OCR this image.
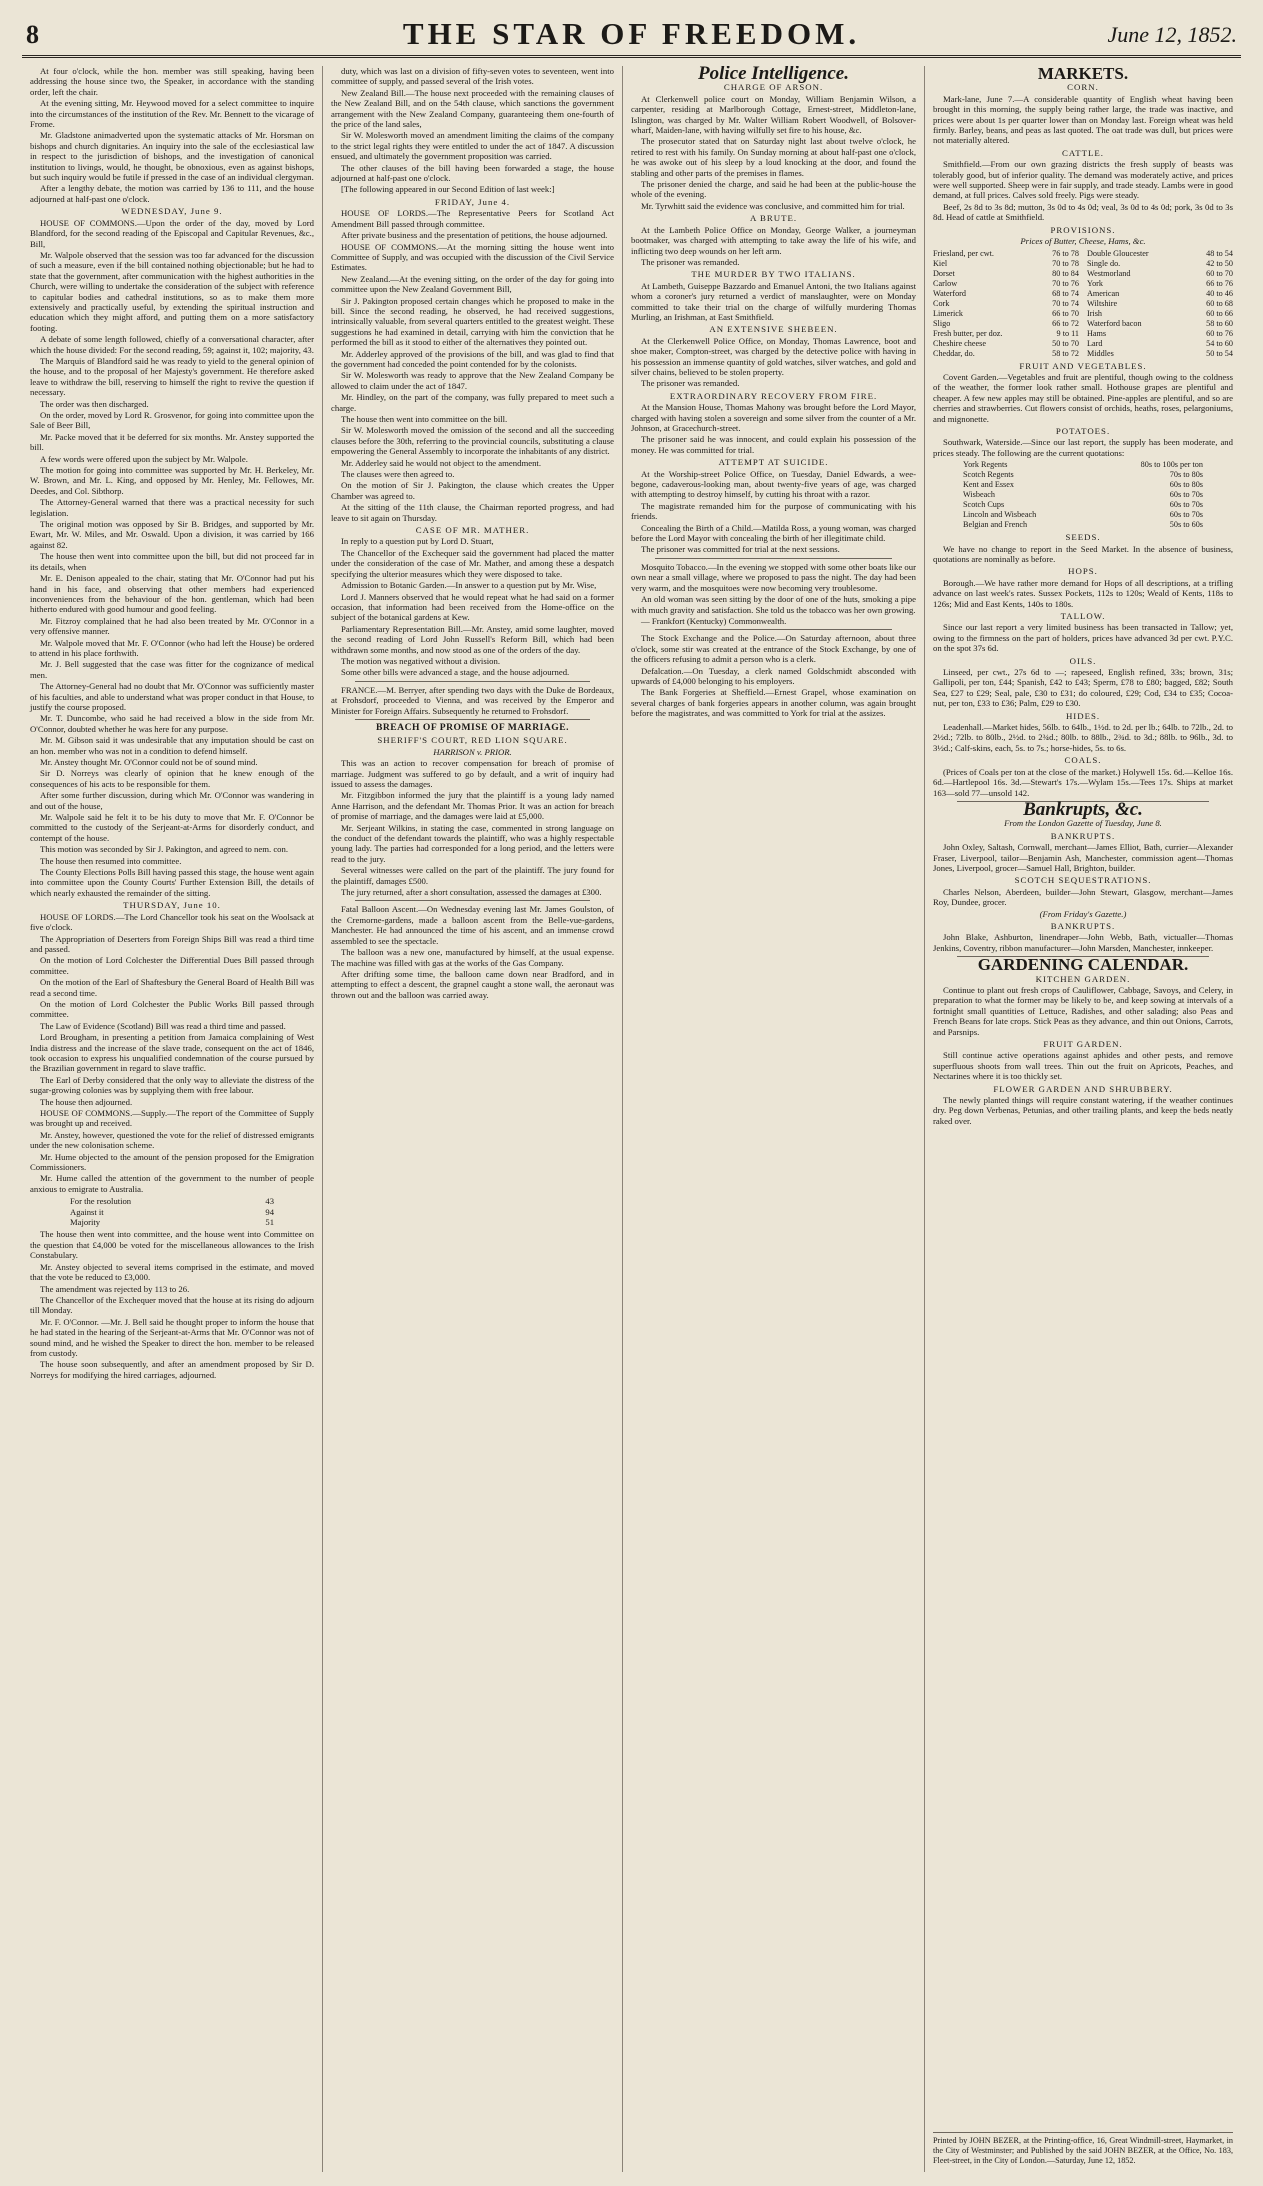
8	THE STAR OF FREEDOM.	June 12, 1852.

At four o'clock, while the hon. member was still speaking, having been addressing the house since two, the Speaker, in accordance with the standing order, left the chair.

At the evening sitting, Mr. Heywood moved for a select committee to inquire into the circumstances of the institution of the Rev. Mr. Bennett to the vicarage of Frome.

Mr. Gladstone animadverted upon the systematic attacks of Mr. Horsman on bishops and church dignitaries. An inquiry into the sale of the ecclesiastical law in respect to the jurisdiction of bishops, and the investigation of canonical institution to livings, would, he thought, be obnoxious, even as against bishops, but such inquiry would be futile if pressed in the case of an individual clergyman.

After a lengthy debate, the motion was carried by 136 to 111, and the house adjourned at half-past one o'clock.

WEDNESDAY, June 9.

HOUSE OF COMMONS.—Upon the order of the day, moved by Lord Blandford, for the second reading of the Episcopal and Capitular Revenues, &c., Bill,

Mr. Walpole observed that the session was too far advanced for the discussion of such a measure, even if the bill contained nothing objectionable; but he had to state that the government, after communication with the highest authorities in the Church, were willing to undertake the consideration of the subject with reference to capitular bodies and cathedral institutions, so as to make them more extensively and practically useful, by extending the spiritual instruction and education which they might afford, and putting them on a more satisfactory footing.

A debate of some length followed, chiefly of a conversational character, after which the house divided: For the second reading, 59; against it, 102; majority, 43.

The Marquis of Blandford said he was ready to yield to the general opinion of the house, and to the proposal of her Majesty's government. He therefore asked leave to withdraw the bill, reserving to himself the right to revive the question if necessary.

The order was then discharged.

On the order, moved by Lord R. Grosvenor, for going into committee upon the Sale of Beer Bill,

Mr. Packe moved that it be deferred for six months. Mr. Anstey supported the bill.

A few words were offered upon the subject by Mr. Walpole.

The motion for going into committee was supported by Mr. H. Berkeley, Mr. W. Brown, and Mr. L. King, and opposed by Mr. Henley, Mr. Fellowes, Mr. Deedes, and Col. Sibthorp.

The Attorney-General warned that there was a practical necessity for such legislation.

The original motion was opposed by Sir B. Bridges, and supported by Mr. Ewart, Mr. W. Miles, and Mr. Oswald. Upon a division, it was carried by 166 against 82.

The house then went into committee upon the bill, but did not proceed far in its details, when

Mr. E. Denison appealed to the chair, stating that Mr. O'Connor had put his hand in his face, and observing that other members had experienced inconveniences from the behaviour of the hon. gentleman, which had been hitherto endured with good humour and good feeling.

Mr. Fitzroy complained that he had also been treated by Mr. O'Connor in a very offensive manner.

Mr. Walpole moved that Mr. F. O'Connor (who had left the House) be ordered to attend in his place forthwith.

Mr. J. Bell suggested that the case was fitter for the cognizance of medical men.

The Attorney-General had no doubt that Mr. O'Connor was sufficiently master of his faculties, and able to understand what was proper conduct in that House, to justify the course proposed.

Mr. T. Duncombe, who said he had received a blow in the side from Mr. O'Connor, doubted whether he was here for any purpose.

Mr. M. Gibson said it was undesirable that any imputation should be cast on an hon. member who was not in a condition to defend himself.

Mr. Anstey thought Mr. O'Connor could not be of sound mind.

Sir D. Norreys was clearly of opinion that he knew enough of the consequences of his acts to be responsible for them.

After some further discussion, during which Mr. O'Connor was wandering in and out of the house,

Mr. Walpole said he felt it to be his duty to move that Mr. F. O'Connor be committed to the custody of the Serjeant-at-Arms for disorderly conduct, and contempt of the house.

This motion was seconded by Sir J. Pakington, and agreed to nem. con.

The house then resumed into committee.

The County Elections Polls Bill having passed this stage, the house went again into committee upon the County Courts' Further Extension Bill, the details of which nearly exhausted the remainder of the sitting.

THURSDAY, June 10.

HOUSE OF LORDS.—The Lord Chancellor took his seat on the Woolsack at five o'clock.

The Appropriation of Deserters from Foreign Ships Bill was read a third time and passed.

On the motion of Lord Colchester the Differential Dues Bill passed through committee.

On the motion of the Earl of Shaftesbury the General Board of Health Bill was read a second time.

On the motion of Lord Colchester the Public Works Bill passed through committee.

The Law of Evidence (Scotland) Bill was read a third time and passed.

Lord Brougham, in presenting a petition from Jamaica complaining of West India distress and the increase of the slave trade, consequent on the act of 1846, took occasion to express his unqualified condemnation of the course pursued by the Brazilian government in regard to slave traffic.

The Earl of Derby considered that the only way to alleviate the distress of the sugar-growing colonies was by supplying them with free labour.

The house then adjourned.

HOUSE OF COMMONS.—Supply.—The report of the Committee of Supply was brought up and received.

Mr. Anstey, however, questioned the vote for the relief of distressed emigrants under the new colonisation scheme.

Mr. Hume objected to the amount of the pension proposed for the Emigration Commissioners.

Mr. Hume called the attention of the government to the number of people anxious to emigrate to Australia.

For the resolution	43
Against it	94
Majority	51

The house then went into committee, and the house went into Committee on the question that £4,000 be voted for the miscellaneous allowances to the Irish Constabulary.

Mr. Anstey objected to several items comprised in the estimate, and moved that the vote be reduced to £3,000.

The amendment was rejected by 113 to 26.

The Chancellor of the Exchequer moved that the house at its rising do adjourn till Monday.

Mr. F. O'Connor. —Mr. J. Bell said he thought proper to inform the house that he had stated in the hearing of the Serjeant-at-Arms that Mr. O'Connor was not of sound mind, and he wished the Speaker to direct the hon. member to be released from custody.

The house soon subsequently, and after an amendment proposed by Sir D. Norreys for modifying the hired carriages, adjourned.

duty, which was last on a division of fifty-seven votes to seventeen, went into committee of supply, and passed several of the Irish votes.

New Zealand Bill.—The house next proceeded with the remaining clauses of the New Zealand Bill, and on the 54th clause, which sanctions the government arrangement with the New Zealand Company, guaranteeing them one-fourth of the price of the land sales,

Sir W. Molesworth moved an amendment limiting the claims of the company to the strict legal rights they were entitled to under the act of 1847. A discussion ensued, and ultimately the government proposition was carried.

The other clauses of the bill having been forwarded a stage, the house adjourned at half-past one o'clock.

[The following appeared in our Second Edition of last week:]

FRIDAY, June 4.

HOUSE OF LORDS.—The Representative Peers for Scotland Act Amendment Bill passed through committee.

After private business and the presentation of petitions, the house adjourned.

HOUSE OF COMMONS.—At the morning sitting the house went into Committee of Supply, and was occupied with the discussion of the Civil Service Estimates.

New Zealand.—At the evening sitting, on the order of the day for going into committee upon the New Zealand Government Bill,

Sir J. Pakington proposed certain changes which he proposed to make in the bill. Since the second reading, he observed, he had received suggestions, intrinsically valuable, from several quarters entitled to the greatest weight. These suggestions he had examined in detail, carrying with him the conviction that he performed the bill as it stood to either of the alternatives they pointed out.

Mr. Adderley approved of the provisions of the bill, and was glad to find that the government had conceded the point contended for by the colonists.

Sir W. Molesworth was ready to approve that the New Zealand Company be allowed to claim under the act of 1847.

Mr. Hindley, on the part of the company, was fully prepared to meet such a charge.

The house then went into committee on the bill.

Sir W. Molesworth moved the omission of the second and all the succeeding clauses before the 30th, referring to the provincial councils, substituting a clause empowering the General Assembly to incorporate the inhabitants of any district.

Mr. Adderley said he would not object to the amendment.

The clauses were then agreed to.

On the motion of Sir J. Pakington, the clause which creates the Upper Chamber was agreed to.

At the sitting of the 11th clause, the Chairman reported progress, and had leave to sit again on Thursday.

CASE OF MR. MATHER.

In reply to a question put by Lord D. Stuart,

The Chancellor of the Exchequer said the government had placed the matter under the consideration of the case of Mr. Mather, and among these a despatch specifying the ulterior measures which they were disposed to take.

Admission to Botanic Garden.—In answer to a question put by Mr. Wise,

Lord J. Manners observed that he would repeat what he had said on a former occasion, that information had been received from the Home-office on the subject of the botanical gardens at Kew.

Parliamentary Representation Bill.—Mr. Anstey, amid some laughter, moved the second reading of Lord John Russell's Reform Bill, which had been withdrawn some months, and now stood as one of the orders of the day.

The motion was negatived without a division.

Some other bills were advanced a stage, and the house adjourned.

FRANCE.—M. Berryer, after spending two days with the Duke de Bordeaux, at Frohsdorf, proceeded to Vienna, and was received by the Emperor and Minister for Foreign Affairs. Subsequently he returned to Frohsdorf.

BREACH OF PROMISE OF MARRIAGE.
SHERIFF'S COURT, RED LION SQUARE.
HARRISON v. PRIOR.

This was an action to recover compensation for breach of promise of marriage. Judgment was suffered to go by default, and a writ of inquiry had issued to assess the damages.

Mr. Fitzgibbon informed the jury that the plaintiff is a young lady named Anne Harrison, and the defendant Mr. Thomas Prior. It was an action for breach of promise of marriage, and the damages were laid at £5,000.

Mr. Serjeant Wilkins, in stating the case, commented in strong language on the conduct of the defendant towards the plaintiff, who was a highly respectable young lady. The parties had corresponded for a long period, and the letters were read to the jury.

Several witnesses were called on the part of the plaintiff. The jury found for the plaintiff, damages £500.

The jury returned, after a short consultation, assessed the damages at £300.

Fatal Balloon Ascent.—On Wednesday evening last Mr. James Goulston, of the Cremorne-gardens, made a balloon ascent from the Belle-vue-gardens, Manchester. He had announced the time of his ascent, and an immense crowd assembled to see the spectacle.

The balloon was a new one, manufactured by himself, at the usual expense. The machine was filled with gas at the works of the Gas Company.

After drifting some time, the balloon came down near Bradford, and in attempting to effect a descent, the grapnel caught a stone wall, the aeronaut was thrown out and the balloon was carried away.

Police Intelligence.
CHARGE OF ARSON.

At Clerkenwell police court on Monday, William Benjamin Wilson, a carpenter, residing at Marlborough Cottage, Ernest-street, Middleton-lane, Islington, was charged by Mr. Walter William Robert Woodwell, of Bolsover-wharf, Maiden-lane, with having wilfully set fire to his house, &c.

The prosecutor stated that on Saturday night last about twelve o'clock, he retired to rest with his family. On Sunday morning at about half-past one o'clock, he was awoke out of his sleep by a loud knocking at the door, and found the stabling and other parts of the premises in flames.

The prisoner denied the charge, and said he had been at the public-house the whole of the evening.

Mr. Tyrwhitt said the evidence was conclusive, and committed him for trial.

A BRUTE.

At the Lambeth Police Office on Monday, George Walker, a journeyman bootmaker, was charged with attempting to take away the life of his wife, and inflicting two deep wounds on her left arm.

The prisoner was remanded.

THE MURDER BY TWO ITALIANS.

At Lambeth, Guiseppe Bazzardo and Emanuel Antoni, the two Italians against whom a coroner's jury returned a verdict of manslaughter, were on Monday committed to take their trial on the charge of wilfully murdering Thomas Murling, an Irishman, at East Smithfield.

AN EXTENSIVE SHEBEEN.

At the Clerkenwell Police Office, on Monday, Thomas Lawrence, boot and shoe maker, Compton-street, was charged by the detective police with having in his possession an immense quantity of gold watches, silver watches, and gold and silver chains, believed to be stolen property.

The prisoner was remanded.

EXTRAORDINARY RECOVERY FROM FIRE.

At the Mansion House, Thomas Mahony was brought before the Lord Mayor, charged with having stolen a sovereign and some silver from the counter of a Mr. Johnson, at Gracechurch-street.

The prisoner said he was innocent, and could explain his possession of the money. He was committed for trial.

ATTEMPT AT SUICIDE.

At the Worship-street Police Office, on Tuesday, Daniel Edwards, a wee-begone, cadaverous-looking man, about twenty-five years of age, was charged with attempting to destroy himself, by cutting his throat with a razor.

The magistrate remanded him for the purpose of communicating with his friends.

Concealing the Birth of a Child.—Matilda Ross, a young woman, was charged before the Lord Mayor with concealing the birth of her illegitimate child.

The prisoner was committed for trial at the next sessions.

Mosquito Tobacco.—In the evening we stopped with some other boats like our own near a small village, where we proposed to pass the night. The day had been very warm, and the mosquitoes were now becoming very troublesome.

An old woman was seen sitting by the door of one of the huts, smoking a pipe with much gravity and satisfaction. She told us the tobacco was her own growing.

— Frankfort (Kentucky) Commonwealth.

The Stock Exchange and the Police.—On Saturday afternoon, about three o'clock, some stir was created at the entrance of the Stock Exchange, by one of the officers refusing to admit a person who is a clerk.

Defalcation.—On Tuesday, a clerk named Goldschmidt absconded with upwards of £4,000 belonging to his employers.

The Bank Forgeries at Sheffield.—Ernest Grapel, whose examination on several charges of bank forgeries appears in another column, was again brought before the magistrates, and was committed to York for trial at the assizes.

MARKETS.
CORN.

Mark-lane, June 7.—A considerable quantity of English wheat having been brought in this morning, the supply being rather large, the trade was inactive, and prices were about 1s per quarter lower than on Monday last. Foreign wheat was held firmly. Barley, beans, and peas as last quoted. The oat trade was dull, but prices were not materially altered.

CATTLE.

Smithfield.—From our own grazing districts the fresh supply of beasts was tolerably good, but of inferior quality. The demand was moderately active, and prices were well supported. Sheep were in fair supply, and trade steady. Lambs were in good demand, at full prices. Calves sold freely. Pigs were steady.

Beef, 2s 8d to 3s 8d; mutton, 3s 0d to 4s 0d; veal, 3s 0d to 4s 0d; pork, 3s 0d to 3s 8d. Head of cattle at Smithfield.

PROVISIONS.
Prices of Butter, Cheese, Hams, &c.
Friesland, per cwt.	76 to 78
Kiel	70 to 78
Dorset	80 to 84
Carlow	70 to 76
Waterford	68 to 74
Cork	70 to 74
Limerick	66 to 70
Sligo	66 to 72
Fresh butter, per doz.	9 to 11
Cheshire cheese	50 to 70
Cheddar, do.	58 to 72
Double Gloucester	48 to 54
Single do.	42 to 50
Westmorland	60 to 70
York	66 to 76
American	40 to 46
Wiltshire	60 to 68
Irish	60 to 66
Waterford bacon	58 to 60
Hams	60 to 76
Lard	54 to 60
Middles	50 to 54
FRUIT AND VEGETABLES.

Covent Garden.—Vegetables and fruit are plentiful, though owing to the coldness of the weather, the former look rather small. Hothouse grapes are plentiful and cheaper. A few new apples may still be obtained. Pine-apples are plentiful, and so are cherries and strawberries. Cut flowers consist of orchids, heaths, roses, pelargoniums, and mignonette.

POTATOES.

Southwark, Waterside.—Since our last report, the supply has been moderate, and prices steady. The following are the current quotations:

York Regents	80s to 100s per ton
Scotch Regents	70s to 80s
Kent and Essex	60s to 80s
Wisbeach	60s to 70s
Scotch Cups	60s to 70s
Lincoln and Wisbeach	60s to 70s
Belgian and French	50s to 60s
SEEDS.

We have no change to report in the Seed Market. In the absence of business, quotations are nominally as before.

HOPS.

Borough.—We have rather more demand for Hops of all descriptions, at a trifling advance on last week's rates. Sussex Pockets, 112s to 120s; Weald of Kents, 118s to 126s; Mid and East Kents, 140s to 180s.

TALLOW.

Since our last report a very limited business has been transacted in Tallow; yet, owing to the firmness on the part of holders, prices have advanced 3d per cwt. P.Y.C. on the spot 37s 6d.

OILS.

Linseed, per cwt., 27s 6d to —; rapeseed, English refined, 33s; brown, 31s; Gallipoli, per ton, £44; Spanish, £42 to £43; Sperm, £78 to £80; bagged, £82; South Sea, £27 to £29; Seal, pale, £30 to £31; do coloured, £29; Cod, £34 to £35; Cocoa-nut, per ton, £33 to £36; Palm, £29 to £30.

HIDES.

Leadenhall.—Market hides, 56lb. to 64lb., 1½d. to 2d. per lb.; 64lb. to 72lb., 2d. to 2½d.; 72lb. to 80lb., 2½d. to 2¾d.; 80lb. to 88lb., 2¾d. to 3d.; 88lb. to 96lb., 3d. to 3½d.; Calf-skins, each, 5s. to 7s.; horse-hides, 5s. to 6s.

COALS.

(Prices of Coals per ton at the close of the market.) Holywell 15s. 6d.—Kelloe 16s. 6d.—Hartlepool 16s. 3d.—Stewart's 17s.—Wylam 15s.—Tees 17s. Ships at market 163—sold 77—unsold 142.

Bankrupts, &c.
From the London Gazette of Tuesday, June 8.
BANKRUPTS.

John Oxley, Saltash, Cornwall, merchant—James Elliot, Bath, currier—Alexander Fraser, Liverpool, tailor—Benjamin Ash, Manchester, commission agent—Thomas Jones, Liverpool, grocer—Samuel Hall, Brighton, builder.

SCOTCH SEQUESTRATIONS.

Charles Nelson, Aberdeen, builder—John Stewart, Glasgow, merchant—James Roy, Dundee, grocer.

(From Friday's Gazette.)
BANKRUPTS.

John Blake, Ashburton, linendraper—John Webb, Bath, victualler—Thomas Jenkins, Coventry, ribbon manufacturer—John Marsden, Manchester, innkeeper.

GARDENING CALENDAR.
KITCHEN GARDEN.

Continue to plant out fresh crops of Cauliflower, Cabbage, Savoys, and Celery, in preparation to what the former may be likely to be, and keep sowing at intervals of a fortnight small quantities of Lettuce, Radishes, and other salading; also Peas and French Beans for late crops. Stick Peas as they advance, and thin out Onions, Carrots, and Parsnips.

FRUIT GARDEN.

Still continue active operations against aphides and other pests, and remove superfluous shoots from wall trees. Thin out the fruit on Apricots, Peaches, and Nectarines where it is too thickly set.

FLOWER GARDEN AND SHRUBBERY.

The newly planted things will require constant watering, if the weather continues dry. Peg down Verbenas, Petunias, and other trailing plants, and keep the beds neatly raked over.

Printed by JOHN BEZER, at the Printing-office, 16, Great Windmill-street, Haymarket, in the City of Westminster; and Published by the said JOHN BEZER, at the Office, No. 183, Fleet-street, in the City of London.—Saturday, June 12, 1852.
